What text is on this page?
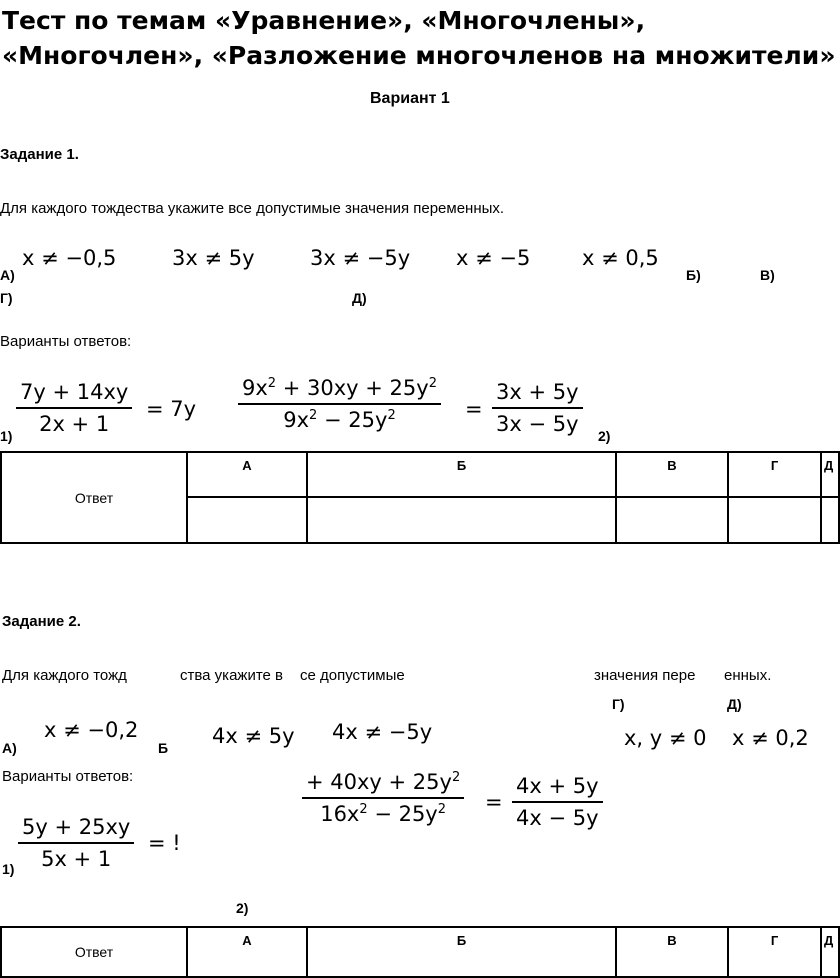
Тест по темам «Уравнение», «Многочлены»,
«Многочлен», «Разложение многочленов на множители»
Вариант 1
Задание 1.
Для каждого тождества укажите все допустимые значения переменных.
x ≠ −0,5	3x ≠ 5y	3x ≠ −5y x ≠ −5 x ≠ 0,5
А)	Б)	В)
Г)	Д)
Варианты ответов:
$\frac{7y + 14xy}{2x + 1} = 7y$
1)
$\frac{9x^2 + 30xy + 25y^2}{9x^2 - 25y^2} = \frac{3x + 5y}{3x - 5y} 2$)
Ответ	А	Б	В	Г	Д

Задание 2.
Для каждого тожд	ства укажите в се допустимые	значения пере енных.
Г)	Д)
x ≠ −0,2	4x ≠ 5y 4x ≠ −5y	x, y ≠ 0 x ≠ 0,2
А)	Б
Варианты ответов:	$\frac{+ 40xy + 25y^2}{16x^2 - 25y^2} = \frac{4x + 5y}{4x - 5y}$
$\frac{5y + 25xy}{5x + 1}$ = !
1)
2)
Ответ	А	Б	В	Г	Д
